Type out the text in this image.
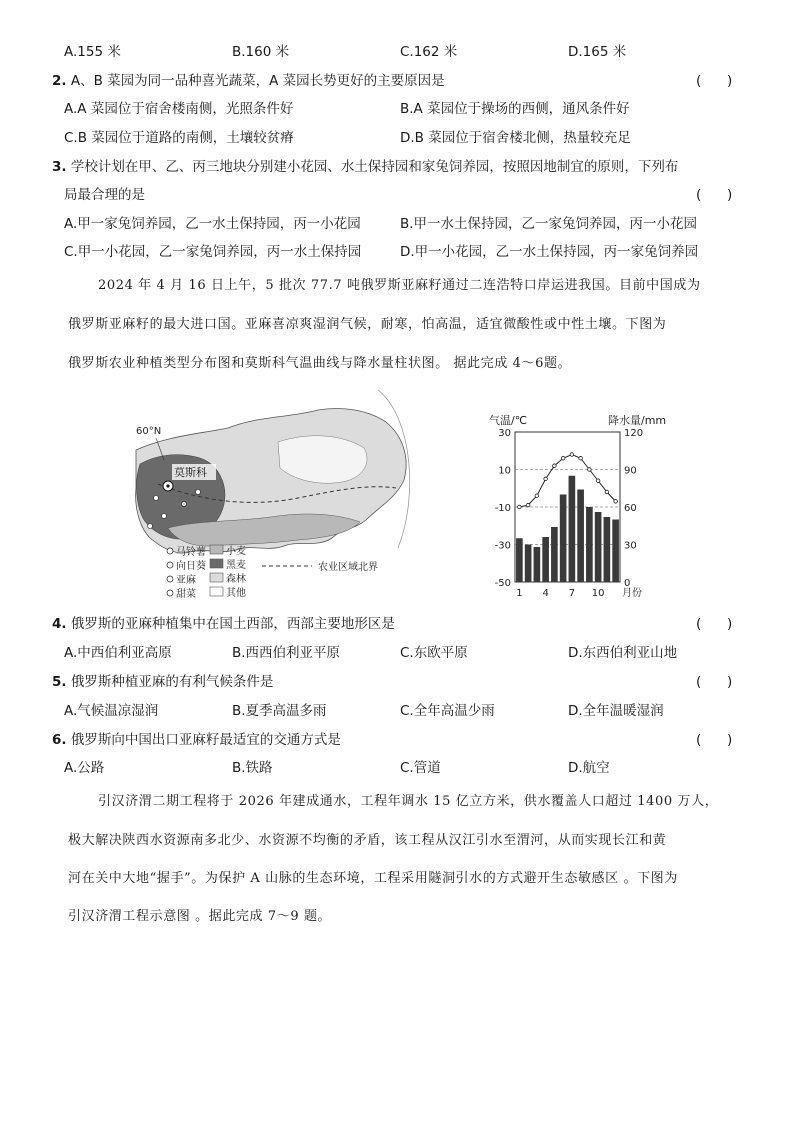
A.155 米	B.160 米	C.162 米	D.165 米
2. A、B 菜园为同一品种喜光蔬菜，A 菜园长势更好的主要原因是	(      )
A.A 菜园位于宿舍楼南侧，光照条件好	B.A 菜园位于操场的西侧，通风条件好
C.B 菜园位于道路的南侧，土壤较贫瘠	D.B 菜园位于宿舍楼北侧，热量较充足
3. 学校计划在甲、乙、丙三地块分别建小花园、水土保持园和家兔饲养园，按照因地制宜的原则，下列布
局最合理的是	(      )
A.甲一家兔饲养园，乙一水土保持园，丙一小花园	B.甲一水土保持园，乙一家兔饲养园，丙一小花园
C.甲一小花园，乙一家兔饲养园，丙一水土保持园	D.甲一小花园，乙一水土保持园，丙一家兔饲养园
2024 年 4 月 16 日上午，5 批次 77.7 吨俄罗斯亚麻籽通过二连浩特口岸运进我国。目前中国成为
俄罗斯亚麻籽的最大进口国。亚麻喜凉爽湿润气候，耐寒，怕高温，适宜微酸性或中性土壤。下图为
俄罗斯农业种植类型分布图和莫斯科气温曲线与降水量柱状图。 据此完成 4～6题。
60°N
莫斯科
马铃薯
向日葵
亚麻
甜菜
小麦
黑麦
森林
其他
农业区域北界
气温/℃	降水量/mm
30
10
-10
-30
-50
120
90
60
30
0
1 4 7 10 月份
4. 俄罗斯的亚麻种植集中在国土西部，西部主要地形区是	(      )
A.中西伯利亚高原	B.西西伯利亚平原	C.东欧平原	D.东西伯利亚山地
5. 俄罗斯种植亚麻的有利气候条件是	(      )
A.气候温凉湿润	B.夏季高温多雨	C.全年高温少雨	D.全年温暖湿润
6. 俄罗斯向中国出口亚麻籽最适宜的交通方式是	(      )
A.公路	B.铁路	C.管道	D.航空
引汉济渭二期工程将于 2026 年建成通水，工程年调水 15 亿立方米，供水覆盖人口超过 1400 万人，
极大解决陕西水资源南多北少、水资源不均衡的矛盾，该工程从汉江引水至渭河，从而实现长江和黄
河在关中大地“握手”。为保护 A 山脉的生态环境，工程采用隧洞引水的方式避开生态敏感区 。下图为
引汉济渭工程示意图 。据此完成 7～9 题。
